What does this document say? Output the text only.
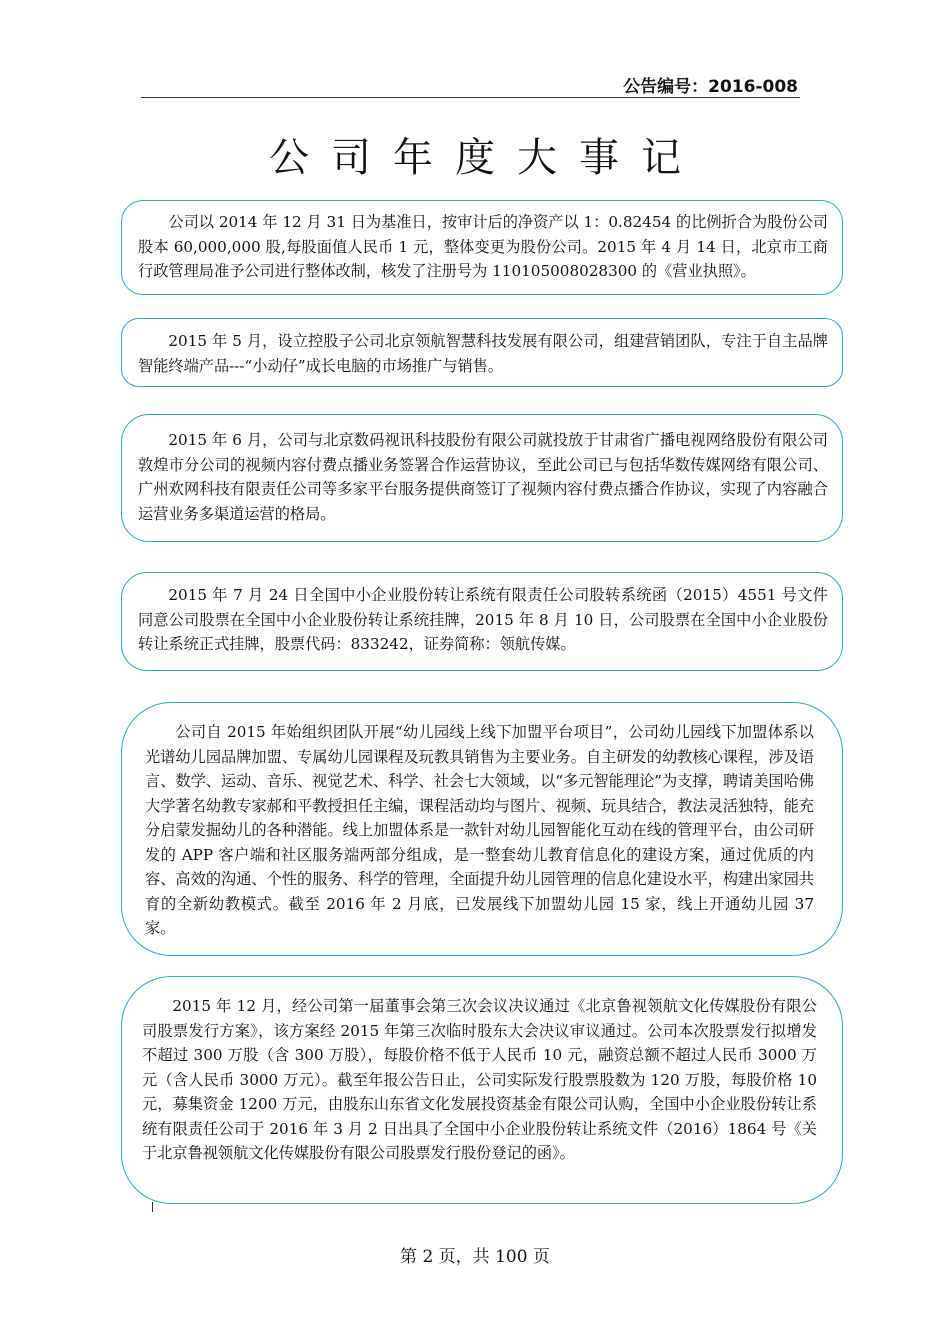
公告编号：2016-008
公司年度大事记

公司以 2014 年 12 月 31 日为基准日，按审计后的净资产以 1：0.82454 的比例折合为股份公司股本 60,000,000 股,每股面值人民币 1 元，整体变更为股份公司。2015 年 4 月 14 日，北京市工商行政管理局准予公司进行整体改制，核发了注册号为 110105008028300 的《营业执照》。

2015 年 5 月，设立控股子公司北京领航智慧科技发展有限公司，组建营销团队，专注于自主品牌智能终端产品---“小动仔”成长电脑的市场推广与销售。

2015 年 6 月，公司与北京数码视讯科技股份有限公司就投放于甘肃省广播电视网络股份有限公司敦煌市分公司的视频内容付费点播业务签署合作运营协议，至此公司已与包括华数传媒网络有限公司、广州欢网科技有限责任公司等多家平台服务提供商签订了视频内容付费点播合作协议，实现了内容融合运营业务多渠道运营的格局。

2015 年 7 月 24 日全国中小企业股份转让系统有限责任公司股转系统函（2015）4551 号文件同意公司股票在全国中小企业股份转让系统挂牌，2015 年 8 月 10 日，公司股票在全国中小企业股份转让系统正式挂牌，股票代码：833242，证券简称：领航传媒。

公司自 2015 年始组织团队开展“幼儿园线上线下加盟平台项目”，公司幼儿园线下加盟体系以光谱幼儿园品牌加盟、专属幼儿园课程及玩教具销售为主要业务。自主研发的幼教核心课程，涉及语言、数学、运动、音乐、视觉艺术、科学、社会七大领域，以“多元智能理论”为支撑，聘请美国哈佛大学著名幼教专家郝和平教授担任主编，课程活动均与图片、视频、玩具结合，教法灵活独特，能充分启蒙发掘幼儿的各种潜能。线上加盟体系是一款针对幼儿园智能化互动在线的管理平台，由公司研发的 APP 客户端和社区服务端两部分组成，是一整套幼儿教育信息化的建设方案，通过优质的内容、高效的沟通、个性的服务、科学的管理，全面提升幼儿园管理的信息化建设水平，构建出家园共育的全新幼教模式。截至 2016 年 2 月底，已发展线下加盟幼儿园 15 家，线上开通幼儿园 37 家。

2015 年 12 月，经公司第一届董事会第三次会议决议通过《北京鲁视领航文化传媒股份有限公司股票发行方案》，该方案经 2015 年第三次临时股东大会决议审议通过。公司本次股票发行拟增发不超过 300 万股（含 300 万股），每股价格不低于人民币 10 元，融资总额不超过人民币 3000 万元（含人民币 3000 万元）。截至年报公告日止，公司实际发行股票股数为 120 万股，每股价格 10 元，募集资金 1200 万元，由股东山东省文化发展投资基金有限公司认购，全国中小企业股份转让系统有限责任公司于 2016 年 3 月 2 日出具了全国中小企业股份转让系统文件（2016）1864 号《关于北京鲁视领航文化传媒股份有限公司股票发行股份登记的函》。

第 2 页，共 100 页
